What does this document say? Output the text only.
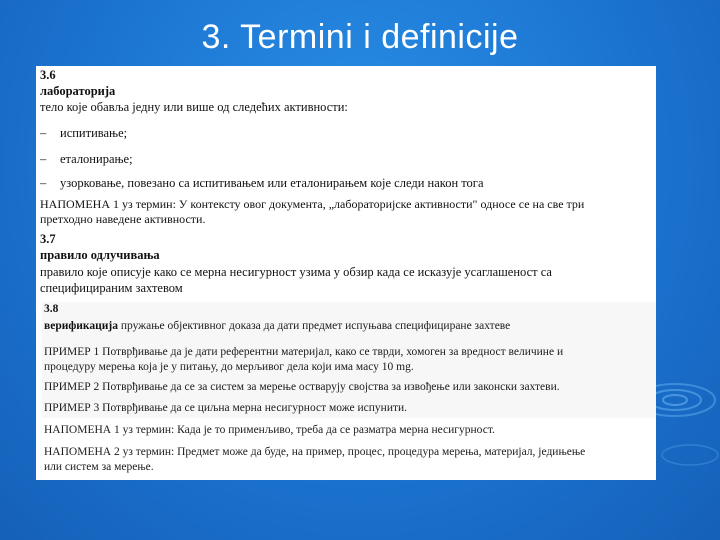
3. Termini i definicije
3.6
лабораторија
тело које обавља једну или више од следећих активности:
– испитивање;
– еталонирање;
– узорковање, повезано са испитивањем или еталонирањем које следи након тога
НАПОМЕНА 1 уз термин: У контексту овог документа, „лабораторијске активности" односе се на све три
претходно наведене активности.
3.7
правило одлучивања
правило које описује како се мерна несигурност узима у обзир када се исказује усаглашеност са
специфицираним захтевом
3.8
верификација пружање објективног доказа да дати предмет испуњава специфициране захтеве
ПРИМЕР 1 Потврђивање да је дати референтни материјал, како се тврди, хомоген за вредност величине и
процедуру мерења која је у питању, до мерљивог дела који има масу 10 mg.
ПРИМЕР 2 Потврђивање да се за систем за мерење остварују својства за извођење или законски захтеви.
ПРИМЕР 3 Потврђивање да се циљна мерна несигурност може испунити.
НАПОМЕНА 1 уз термин: Када је то применљиво, треба да се разматра мерна несигурност.
НАПОМЕНА 2 уз термин: Предмет може да буде, на пример, процес, процедура мерења, материјал, једињење
или систем за мерење.
